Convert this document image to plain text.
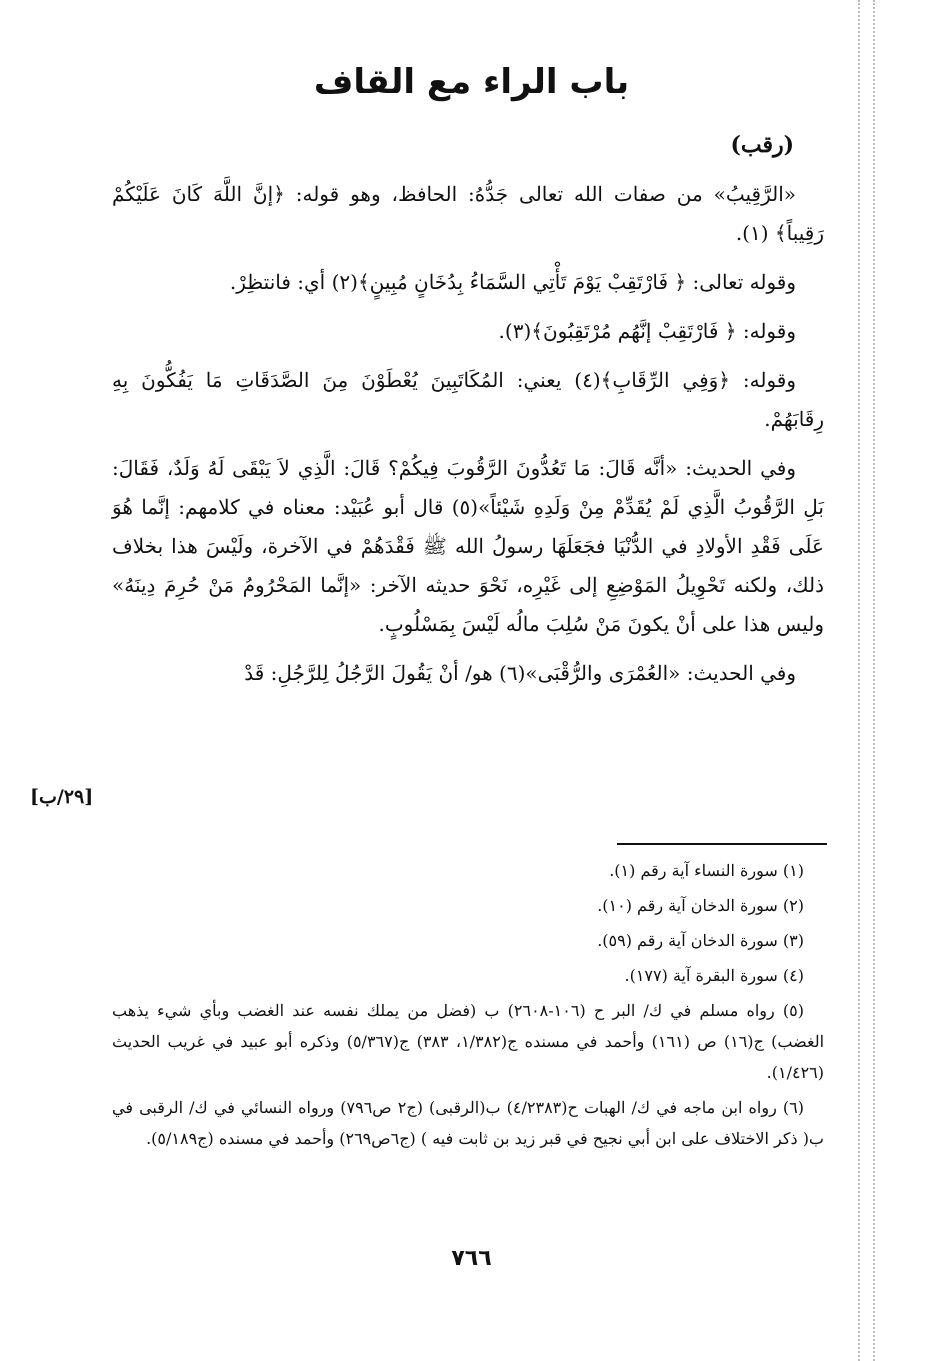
باب الراء مع القاف

(رقب)

«الرَّقِيبُ» من صفات الله تعالى جَدُّهُ: الحافظ، وهو قوله: ﴿إنَّ اللَّهَ كَانَ عَلَيْكُمْ رَقِيباً﴾ (١).

وقوله تعالى: ﴿ فَارْتَقِبْ يَوْمَ تَأْتِي السَّمَاءُ بِدُخَانٍ مُبِينٍ﴾(٢) أي: فانتظِرْ.

وقوله: ﴿ فَارْتَقِبْ إنَّهُم مُرْتَقِبُونَ﴾(٣).

وقوله: ﴿وَفِي الرِّقَابِ﴾(٤) يعني: المُكَاتَبِينَ يُعْطَوْنَ مِنَ الصَّدَقَاتِ مَا يَفُكُّونَ بِهِ رِقَابَهُمْ.

وفي الحديث: «أنَّه قَالَ: مَا تَعُدُّونَ الرَّقُوبَ فِيكُمْ؟ قَالَ: الَّذِي لاَ يَبْقَى لَهُ وَلَدٌ، فَقَالَ: بَلِ الرَّقُوبُ الَّذِي لَمْ يُقَدِّمْ مِنْ وَلَدِهِ شَيْئاً»(٥) قال أبو عُبَيْد: معناه في كلامهم: إنَّما هُوَ عَلَى فَقْدِ الأولادِ في الدُّنْيَا فجَعَلَهَا رسولُ الله ﷺ فَقْدَهُمْ في الآخرة، ولَيْسَ هذا بخلاف ذلك، ولكنه تَحْوِيلُ المَوْضِعِ إلى غَيْرِه، نَحْوَ حديثه الآخر: «إنَّما المَحْرُومُ مَنْ حُرِمَ دِينَهُ» وليس هذا على أنْ يكونَ مَنْ سُلِبَ مالُه لَيْسَ بِمَسْلُوبٍ.

وفي الحديث: «العُمْرَى والرُّقْبَى»(٦) هو/ أنْ يَقُولَ الرَّجُلُ لِلرَّجُلِ: قَدْ

[٢٩/ب]

(١) سورة النساء آية رقم (١).

(٢) سورة الدخان آية رقم (١٠).

(٣) سورة الدخان آية رقم (٥٩).

(٤) سورة البقرة آية (١٧٧).

(٥) رواه مسلم في ك/ البر ح (١٠٦-٢٦٠٨) ب (فضل من يملك نفسه عند الغضب وبأي شيء يذهب الغضب) ج(١٦) ص (١٦١) وأحمد في مسنده ج(١/٣٨٢، ٣٨٣) ج(٥/٣٦٧) وذكره أبو عبيد في غريب الحديث (١/٤٢٦).

(٦) رواه ابن ماجه في ك/ الهبات ح(٤/٢٣٨٣) ب(الرقبى) (ج٢ ص٧٩٦) ورواه النسائي في ك/ الرقبى في ب( ذكر الاختلاف على ابن أبي نجيح في قبر زيد بن ثابت فيه ) (ج٦ص٢٦٩) وأحمد في مسنده (ج٥/١٨٩).

٧٦٦
